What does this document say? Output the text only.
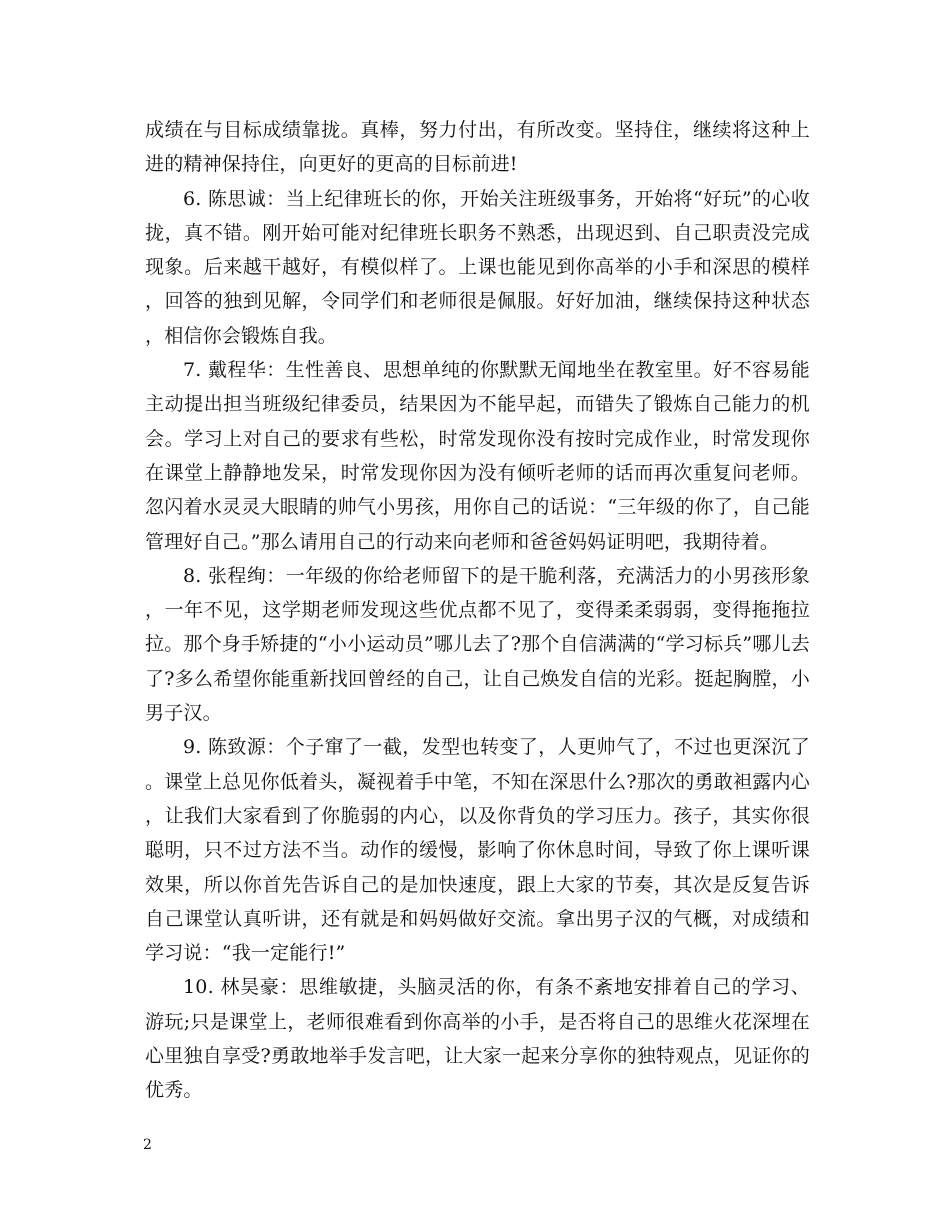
成绩在与目标成绩靠拢。真棒，努力付出，有所改变。坚持住，继续将这种上进的精神保持住，向更好的更高的目标前进!

6. 陈思诚：当上纪律班长的你，开始关注班级事务，开始将“好玩”的心收拢，真不错。刚开始可能对纪律班长职务不熟悉，出现迟到、自己职责没完成现象。后来越干越好，有模似样了。上课也能见到你高举的小手和深思的模样，回答的独到见解，令同学们和老师很是佩服。好好加油，继续保持这种状态，相信你会锻炼自我。

7. 戴程华：生性善良、思想单纯的你默默无闻地坐在教室里。好不容易能主动提出担当班级纪律委员，结果因为不能早起，而错失了锻炼自己能力的机会。学习上对自己的要求有些松，时常发现你没有按时完成作业，时常发现你在课堂上静静地发呆，时常发现你因为没有倾听老师的话而再次重复问老师。忽闪着水灵灵大眼睛的帅气小男孩，用你自己的话说：“三年级的你了，自己能管理好自己。”那么请用自己的行动来向老师和爸爸妈妈证明吧，我期待着。

8. 张程绚：一年级的你给老师留下的是干脆利落，充满活力的小男孩形象，一年不见，这学期老师发现这些优点都不见了，变得柔柔弱弱，变得拖拖拉拉。那个身手矫捷的“小小运动员”哪儿去了?那个自信满满的“学习标兵”哪儿去了?多么希望你能重新找回曾经的自己，让自己焕发自信的光彩。挺起胸膛，小男子汉。

9. 陈致源：个子窜了一截，发型也转变了，人更帅气了，不过也更深沉了。课堂上总见你低着头，凝视着手中笔，不知在深思什么?那次的勇敢袒露内心，让我们大家看到了你脆弱的内心，以及你背负的学习压力。孩子，其实你很聪明，只不过方法不当。动作的缓慢，影响了你休息时间，导致了你上课听课效果，所以你首先告诉自己的是加快速度，跟上大家的节奏，其次是反复告诉自己课堂认真听讲，还有就是和妈妈做好交流。拿出男子汉的气概，对成绩和学习说：“我一定能行!”

10. 林昊豪：思维敏捷，头脑灵活的你，有条不紊地安排着自己的学习、游玩;只是课堂上，老师很难看到你高举的小手，是否将自己的思维火花深埋在心里独自享受?勇敢地举手发言吧，让大家一起来分享你的独特观点，见证你的优秀。

2
